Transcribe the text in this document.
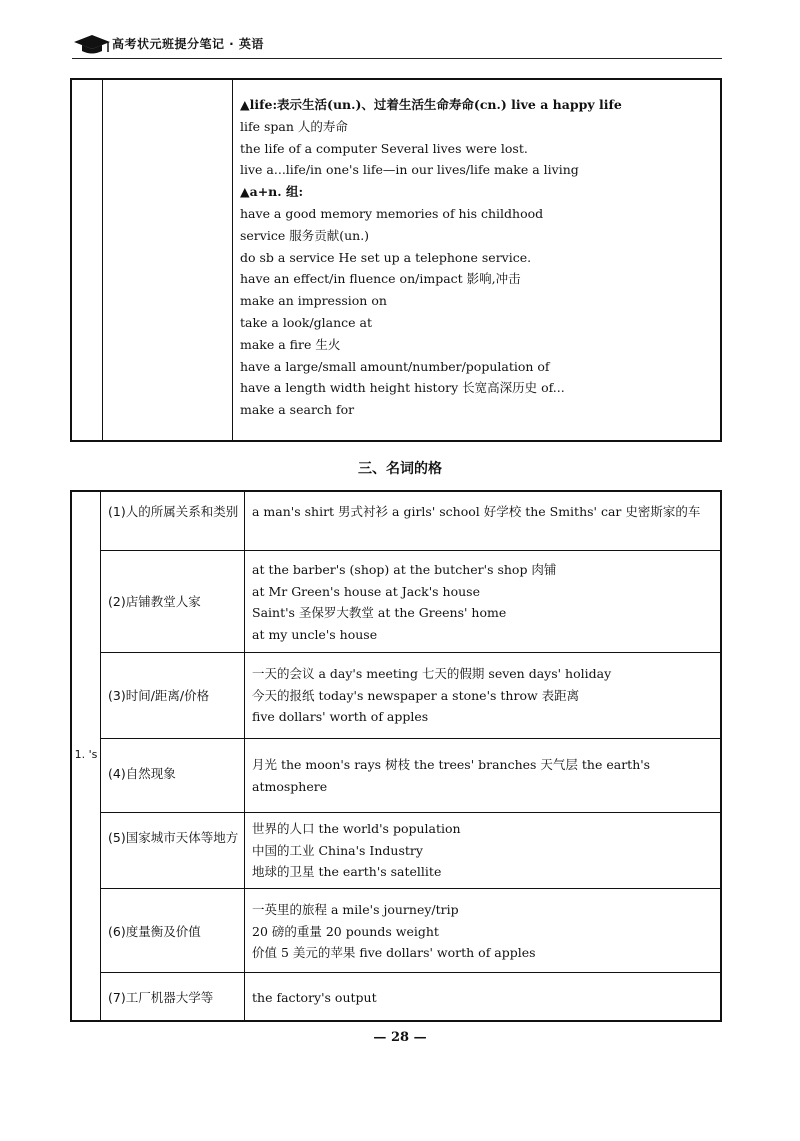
高考状元班提分笔记 · 英语
▲life:表示生活(un.)、过着生活生命寿命(cn.) live a happy life
life span 人的寿命
the life of a computer Several lives were lost.
live a...life/in one's life—in our lives/life make a living
▲a+n. 组:
have a good memory memories of his childhood
service 服务贡献(un.)
do sb a service He set up a telephone service.
have an effect/in fluence on/impact 影响,冲击
make an impression on
take a look/glance at
make a fire 生火
have a large/small amount/number/population of
have a length width height history 长宽高深历史 of...
make a search for
三、名词的格
1. 's
(1)人的所属关系和类别 a man's shirt 男式衬衫 a girls' school 好学校 the Smiths' car 史密斯家的车
(2)店铺教堂人家
at the barber's (shop) at the butcher's shop 肉铺
at Mr Green's house at Jack's house
Saint's 圣保罗大教堂 at the Greens' home
at my uncle's house
(3)时间/距离/价格
一天的会议 a day's meeting 七天的假期 seven days' holiday
今天的报纸 today's newspaper a stone's throw 表距离
five dollars' worth of apples
(4)自然现象
月光 the moon's rays 树枝 the trees' branches 天气层 the earth's atmosphere
(5)国家城市天体等地方
世界的人口 the world's population
中国的工业 China's Industry
地球的卫星 the earth's satellite
(6)度量衡及价值
一英里的旅程 a mile's journey/trip
20 磅的重量 20 pounds weight
价值 5 美元的苹果 five dollars' worth of apples
(7)工厂机器大学等	the factory's output
— 28 —
